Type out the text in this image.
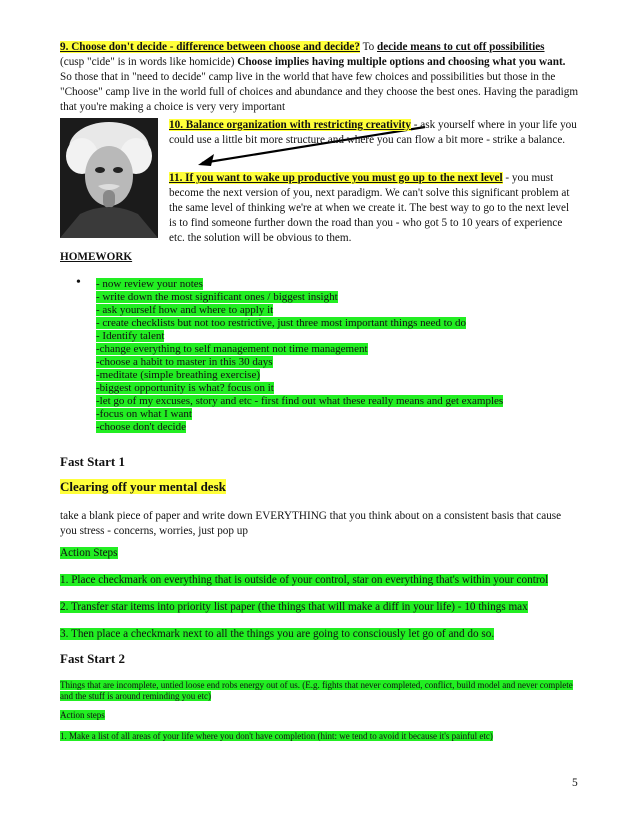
9. Choose don't decide - difference between choose and decide? To decide means to cut off possibilities
(cusp "cide" is in words like homicide) Choose implies having multiple options and choosing what you want. So those that in "need to decide" camp live in the world that have few choices and possibilities but those in the "Choose" camp live in the world full of choices and abundance and they choose the best ones. Having the paradigm that you're making a choice is very very important

10. Balance organization with restricting creativity - ask yourself where in your life you could use a little bit more structure and where you can flow a bit more - strike a balance.

11. If you want to wake up productive you must go up to the next level - you must become the next version of you, next paradigm. We can't solve this significant problem at the same level of thinking we're at when we create it. The best way to go to the next level is to find someone further down the road than you - who got 5 to 10 years of experience etc. the solution will be obvious to them.

HOMEWORK
• - now review your notes
- write down the most significant ones / biggest insight
- ask yourself how and where to apply it
- create checklists but not too restrictive, just three most important things need to do
- Identify talent
-change everything to self management not time management
-choose a habit to master in this 30 days
-meditate (simple breathing exercise)
-biggest opportunity is what? focus on it
-let go of my excuses, story and etc - first find out what these really means and get examples
-focus on what I want
-choose don't decide
Fast Start 1
Clearing off your mental desk

take a blank piece of paper and write down EVERYTHING that you think about on a consistent basis that cause you stress - concerns, worries, just pop up

Action Steps

1. Place checkmark on everything that is outside of your control, star on everything that's within your control

2. Transfer star items into priority list paper (the things that will make a diff in your life) - 10 things max

3. Then place a checkmark next to all the things you are going to consciously let go of and do so.

Fast Start 2

Things that are incomplete, untied loose end robs energy out of us. (E.g. fights that never completed, conflict, build model and never complete and the stuff is around reminding you etc)

Action steps

1. Make a list of all areas of your life where you don't have completion (hint: we tend to avoid it because it's painful etc)

5
